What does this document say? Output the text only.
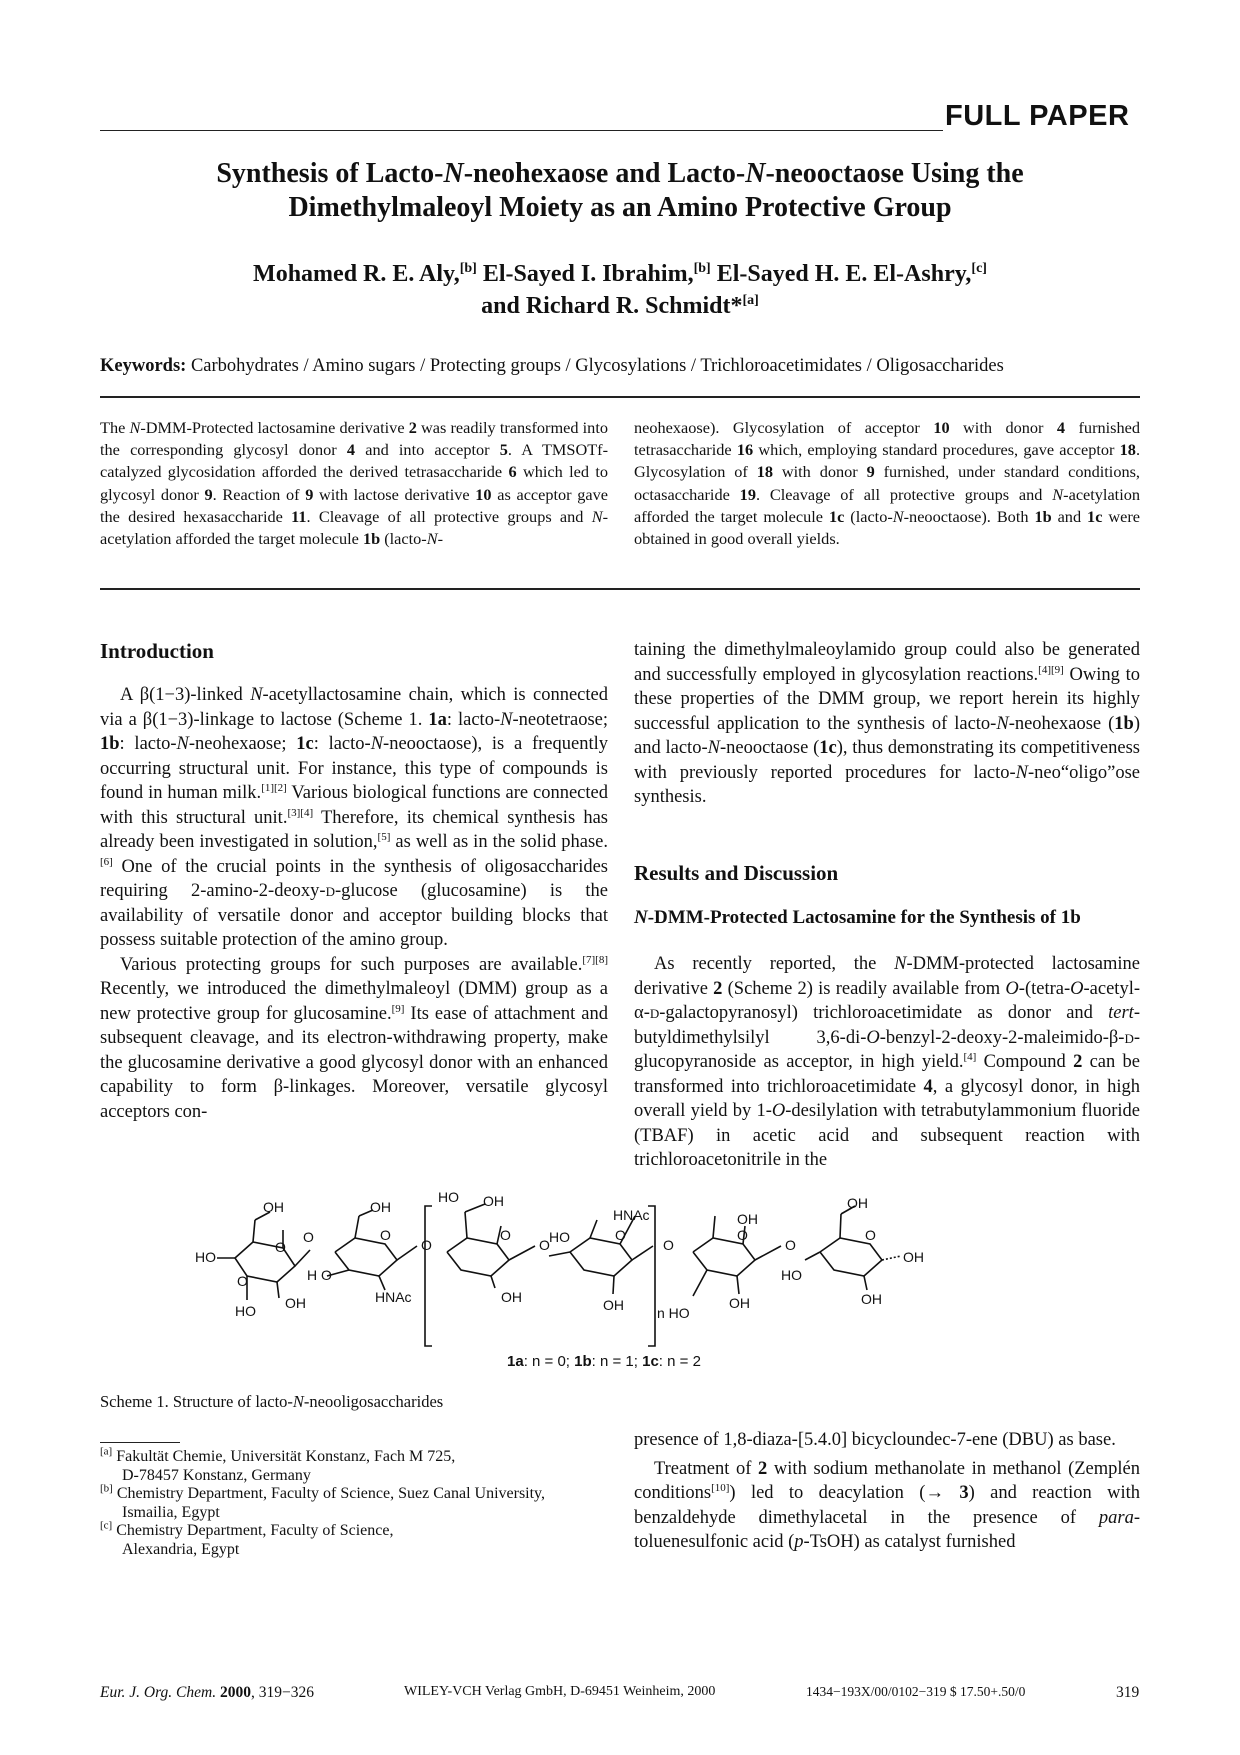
FULL PAPER
Synthesis of Lacto-N-neohexaose and Lacto-N-neooctaose Using the
Dimethylmaleoyl Moiety as an Amino Protective Group
Mohamed R. E. Aly,[b] El-Sayed I. Ibrahim,[b] El-Sayed H. E. El-Ashry,[c]
and Richard R. Schmidt*[a]
Keywords: Carbohydrates / Amino sugars / Protecting groups / Glycosylations / Trichloroacetimidates / Oligosaccharides
The N-DMM-Protected lactosamine derivative 2 was readily transformed into the corresponding glycosyl donor 4 and into acceptor 5. A TMSOTf-catalyzed glycosidation afforded the derived tetrasaccharide 6 which led to glycosyl donor 9. Reaction of 9 with lactose derivative 10 as acceptor gave the desired hexasaccharide 11. Cleavage of all protective groups and N-acetylation afforded the target molecule 1b (lacto-N-
neohexaose). Glycosylation of acceptor 10 with donor 4 furnished tetrasaccharide 16 which, employing standard procedures, gave acceptor 18. Glycosylation of 18 with donor 9 furnished, under standard conditions, octasaccharide 19. Cleavage of all protective groups and N-acetylation afforded the target molecule 1c (lacto-N-neooctaose). Both 1b and 1c were obtained in good overall yields.
Introduction

A β(1−3)-linked N-acetyllactosamine chain, which is connected via a β(1−3)-linkage to lactose (Scheme 1. 1a: lacto-N-neotetraose; 1b: lacto-N-neohexaose; 1c: lacto-N-neooctaose), is a frequently occurring structural unit. For instance, this type of compounds is found in human milk.[1][2] Various biological functions are connected with this structural unit.[3][4] Therefore, its chemical synthesis has already been investigated in solution,[5] as well as in the solid phase.[6] One of the crucial points in the synthesis of oligosaccharides requiring 2-amino-2-deoxy-d-glucose (glucosamine) is the availability of versatile donor and acceptor building blocks that possess suitable protection of the amino group.

Various protecting groups for such purposes are available.[7][8] Recently, we introduced the dimethylmaleoyl (DMM) group as a new protective group for glucosamine.[9] Its ease of attachment and subsequent cleavage, and its electron-withdrawing property, make the glucosamine derivative a good glycosyl donor with an enhanced capability to form β-linkages. Moreover, versatile glycosyl acceptors con-

taining the dimethylmaleoylamido group could also be generated and successfully employed in glycosylation reactions.[4][9] Owing to these properties of the DMM group, we report herein its highly successful application to the synthesis of lacto-N-neohexaose (1b) and lacto-N-neooctaose (1c), thus demonstrating its competitiveness with previously reported procedures for lacto-N-neo“oligo”ose synthesis.

Results and Discussion
N-DMM-Protected Lactosamine for the Synthesis of 1b

As recently reported, the N-DMM-protected lactosamine derivative 2 (Scheme 2) is readily available from O-(tetra-O-acetyl-α-d-galactopyranosyl) trichloroacetimidate as donor and tert-butyldimethylsilyl 3,6-di-O-benzyl-2-deoxy-2-maleimido-β-d-glucopyranoside as acceptor, in high yield.[4] Compound 2 can be transformed into trichloroacetimidate 4, a glycosyl donor, in high overall yield by 1-O-desilylation with tetrabutylammonium fluoride (TBAF) in acetic acid and subsequent reaction with trichloroacetonitrile in the

HO
OH
O
O
O
HO OH
OH
O
H O
HNAc
O
HO OH
O
OH
O HO
HNAc
O
OH n HO
O
OH
O
OH
O
OH
O
HO
OH
OH
1a: n = 0; 1b: n = 1; 1c: n = 2
Scheme 1. Structure of lacto-N-neooligosaccharides
[a] Fakultät Chemie, Universität Konstanz, Fach M 725,
D-78457 Konstanz, Germany
[b] Chemistry Department, Faculty of Science, Suez Canal University,
Ismailia, Egypt
[c] Chemistry Department, Faculty of Science,
Alexandria, Egypt

presence of 1,8-diaza-[5.4.0] bicycloundec-7-ene (DBU) as base.

Treatment of 2 with sodium methanolate in methanol (Zemplén conditions[10]) led to deacylation (→ 3) and reaction with benzaldehyde dimethylacetal in the presence of para-toluenesulfonic acid (p-TsOH) as catalyst furnished

Eur. J. Org. Chem. 2000, 319−326	WILEY-VCH Verlag GmbH, D-69451 Weinheim, 2000	1434−193X/00/0102−319 $ 17.50+.50/0	319
